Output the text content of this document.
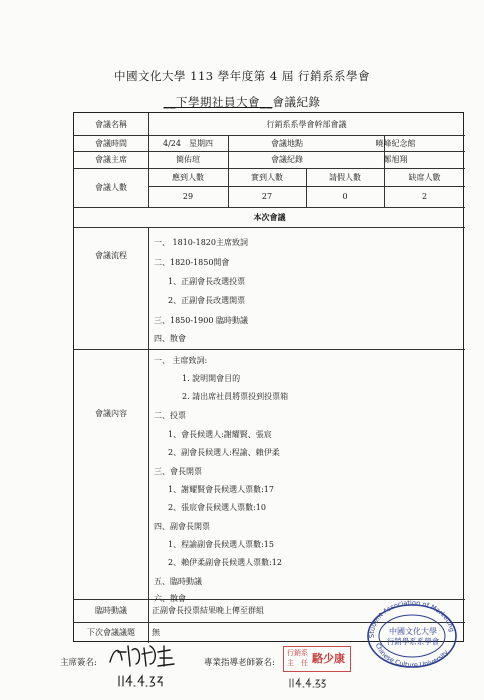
中國文化大學 113 學年度第 4 屆 行銷系系學會
__下學期社員大會__會議紀錄
會議名稱	行銷系系學會幹部會議
會議時間	4/24　星期四	會議地點	曉峰紀念館
會議主席	簡佑瑄	會議紀錄	鄭旭翔
會議人數
應到人數	實到人數	請假人數	缺席人數
29	27	0	2
本次會議
會議流程
一、 1810-1820主席致詞
二、1820-1850開會
1、正副會長改選投票
2、正副會長改選開票
三、1850-1900 臨時動議
四、散會
會議內容
一、 主席致詞:
1. 說明開會目的
2. 請出席社員將票投到投票箱
二、投票
1、會長候選人:謝耀賢、張宸
2、副會長候選人:程諭、賴伊柔
三、會長開票
1、謝耀賢會長候選人票數:17
2、張宸會長候選人票數:10
四、副會長開票
1、程諭副會長候選人票數:15
2、賴伊柔副會長候選人票數:12
五、臨時動議
六、散會
臨時動議	正副會長投票結果晚上傳至群組
下次會議議題	無
主席簽名:	專業指導老師簽名:
行銷系
主　任 駱少康
Student Association of Marketing
Chinese Culture University
中國文化大學
行銷學系系學會
